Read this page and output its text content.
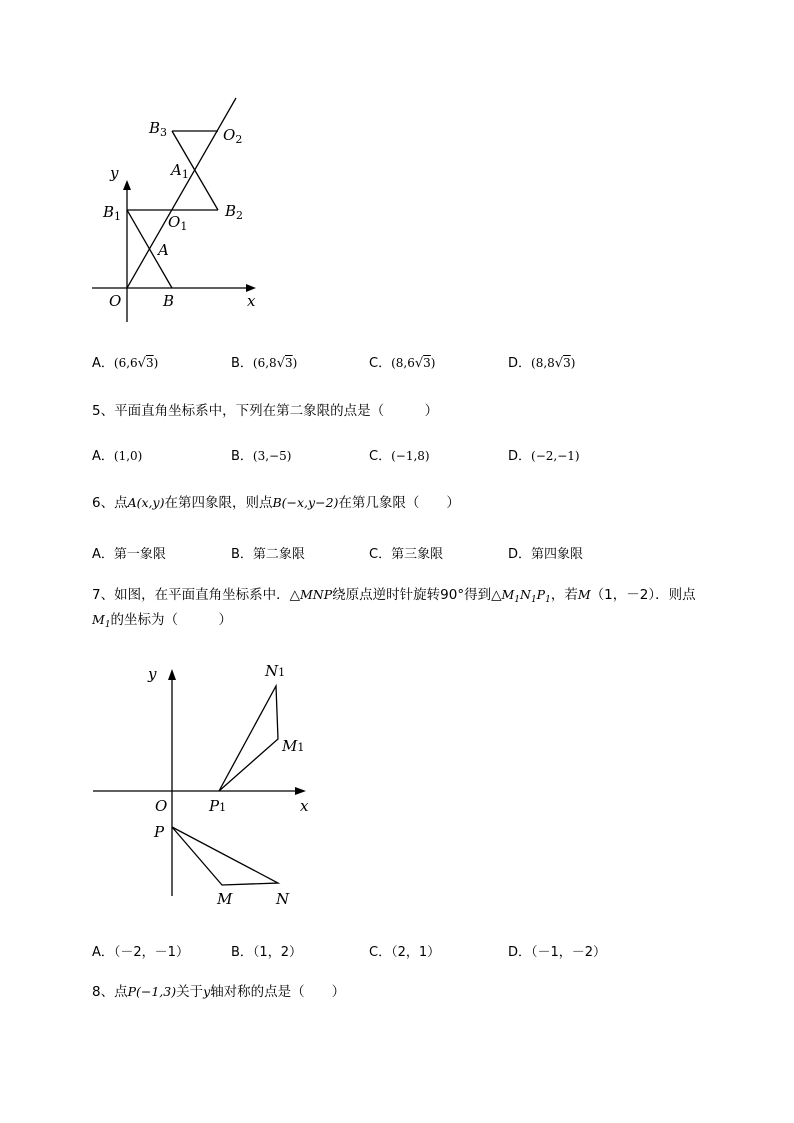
$B_3$	$O_2$
$A_1$
y
$B_1$	$O_1$
$B_2$
A
O	B	x
A．(6,6√3)	B．(6,8√3)	C．(8,6√3)	D．(8,8√3)
5、平面直角坐标系中，下列在第二象限的点是（　　　）
A．(1,0)	B．(3,−5)	C．(−1,8)	D．(−2,−1)
6、点A(x,y)在第四象限，则点B(−x,y−2)在第几象限（　　）
A．第一象限	B．第二象限	C．第三象限	D．第四象限
7、如图，在平面直角坐标系中．△MNP绕原点逆时针旋转90°得到$\triangle M_1N_1P_1$，若M（1，－2）．则点
$M_1$的坐标为（　　　）
y	N1
M1
O	P1	x
P
M	N
A．（－2，－1）	B．（1，2）	C．（2，1）	D．（－1，－2）
8、点P(−1,3)关于y轴对称的点是（　　）
